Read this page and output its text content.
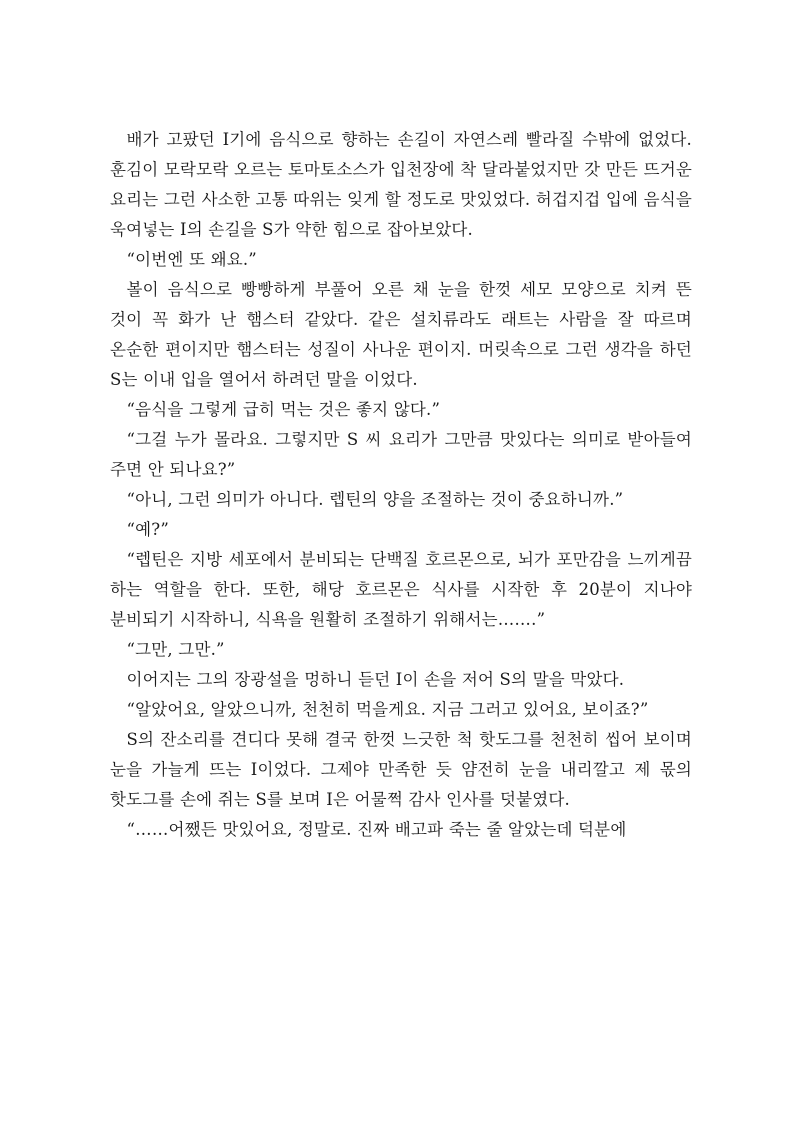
배가 고팠던 I기에 음식으로 향하는 손길이 자연스레 빨라질 수밖에 없었다. 훈김이 모락모락 오르는 토마토소스가 입천장에 착 달라붙었지만 갓 만든 뜨거운 요리는 그런 사소한 고통 따위는 잊게 할 정도로 맛있었다. 허겁지겁 입에 음식을 욱여넣는 I의 손길을 S가 약한 힘으로 잡아보았다.

“이번엔 또 왜요.”

볼이 음식으로 빵빵하게 부풀어 오른 채 눈을 한껏 세모 모양으로 치켜 뜬 것이 꼭 화가 난 햄스터 같았다. 같은 설치류라도 래트는 사람을 잘 따르며 온순한 편이지만 햄스터는 성질이 사나운 편이지. 머릿속으로 그런 생각을 하던 S는 이내 입을 열어서 하려던 말을 이었다.

“음식을 그렇게 급히 먹는 것은 좋지 않다.”

“그걸 누가 몰라요. 그렇지만 S 씨 요리가 그만큼 맛있다는 의미로 받아들여 주면 안 되나요?”

“아니, 그런 의미가 아니다. 렙틴의 양을 조절하는 것이 중요하니까.”

“예?”

“렙틴은 지방 세포에서 분비되는 단백질 호르몬으로, 뇌가 포만감을 느끼게끔 하는 역할을 한다. 또한, 해당 호르몬은 식사를 시작한 후 20분이 지나야 분비되기 시작하니, 식욕을 원활히 조절하기 위해서는…….”

“그만, 그만.”

이어지는 그의 장광설을 멍하니 듣던 I이 손을 저어 S의 말을 막았다.

“알았어요, 알았으니까, 천천히 먹을게요. 지금 그러고 있어요, 보이죠?”

S의 잔소리를 견디다 못해 결국 한껏 느긋한 척 핫도그를 천천히 씹어 보이며 눈을 가늘게 뜨는 I이었다. 그제야 만족한 듯 얌전히 눈을 내리깔고 제 몫의 핫도그를 손에 쥐는 S를 보며 I은 어물쩍 감사 인사를 덧붙였다.

“……어쨌든 맛있어요, 정말로. 진짜 배고파 죽는 줄 알았는데 덕분에
